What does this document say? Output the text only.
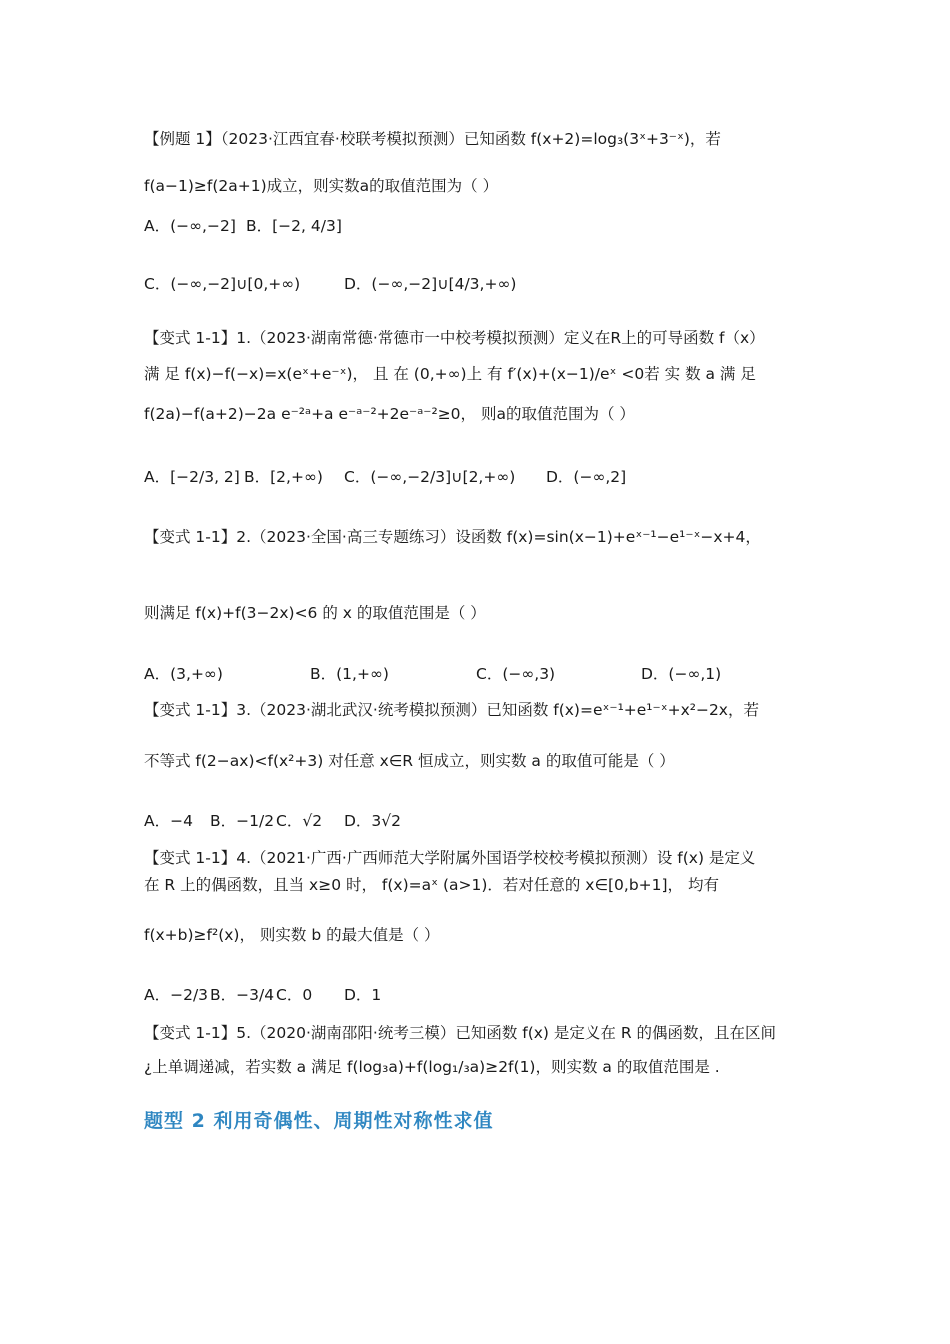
【例题 1】（2023·江西宜春·校联考模拟预测）已知函数 f(x+2)=log₃(3ˣ+3⁻ˣ)，若
f(a−1)≥f(2a+1)成立，则实数a的取值范围为（ ）
A．(−∞,−2] B．[−2, 4/3]
C．(−∞,−2]∪[0,+∞)	D．(−∞,−2]∪[4/3,+∞)
【变式 1-1】1.（2023·湖南常德·常德市一中校考模拟预测）定义在R上的可导函数 f（x）
满 足 f(x)−f(−x)=x(eˣ+e⁻ˣ)， 且 在 (0,+∞)上 有 f′(x)+(x−1)/eˣ <0若 实 数 a 满 足
f(2a)−f(a+2)−2a e⁻²ᵃ+a e⁻ᵃ⁻²+2e⁻ᵃ⁻²≥0， 则a的取值范围为（ ）
A．[−2/3, 2] B．[2,+∞) C．(−∞,−2/3]∪[2,+∞) D．(−∞,2]
【变式 1-1】2.（2023·全国·高三专题练习）设函数 f(x)=sin(x−1)+eˣ⁻¹−e¹⁻ˣ−x+4，
则满足 f(x)+f(3−2x)<6 的 x 的取值范围是（ ）
A．(3,+∞)	B．(1,+∞)	C．(−∞,3)	D．(−∞,1)
【变式 1-1】3.（2023·湖北武汉·统考模拟预测）已知函数 f(x)=eˣ⁻¹+e¹⁻ˣ+x²−2x，若
不等式 f(2−ax)<f(x²+3) 对任意 x∈R 恒成立，则实数 a 的取值可能是（ ）
A．−4 B．−1/2 C．√2 D．3√2
【变式 1-1】4.（2021·广西·广西师范大学附属外国语学校校考模拟预测）设 f(x) 是定义
在 R 上的偶函数，且当 x≥0 时， f(x)=aˣ (a>1)．若对任意的 x∈[0,b+1]， 均有
f(x+b)≥f²(x)， 则实数 b 的最大值是（ ）
A．−2/3 B．−3/4 C．0 D．1
【变式 1-1】5.（2020·湖南邵阳·统考三模）已知函数 f(x) 是定义在 R 的偶函数，且在区间
¿上单调递减，若实数 a 满足 f(log₃a)+f(log₁/₃a)≥2f(1)，则实数 a 的取值范围是 .
题型 2 利用奇偶性、周期性对称性求值
